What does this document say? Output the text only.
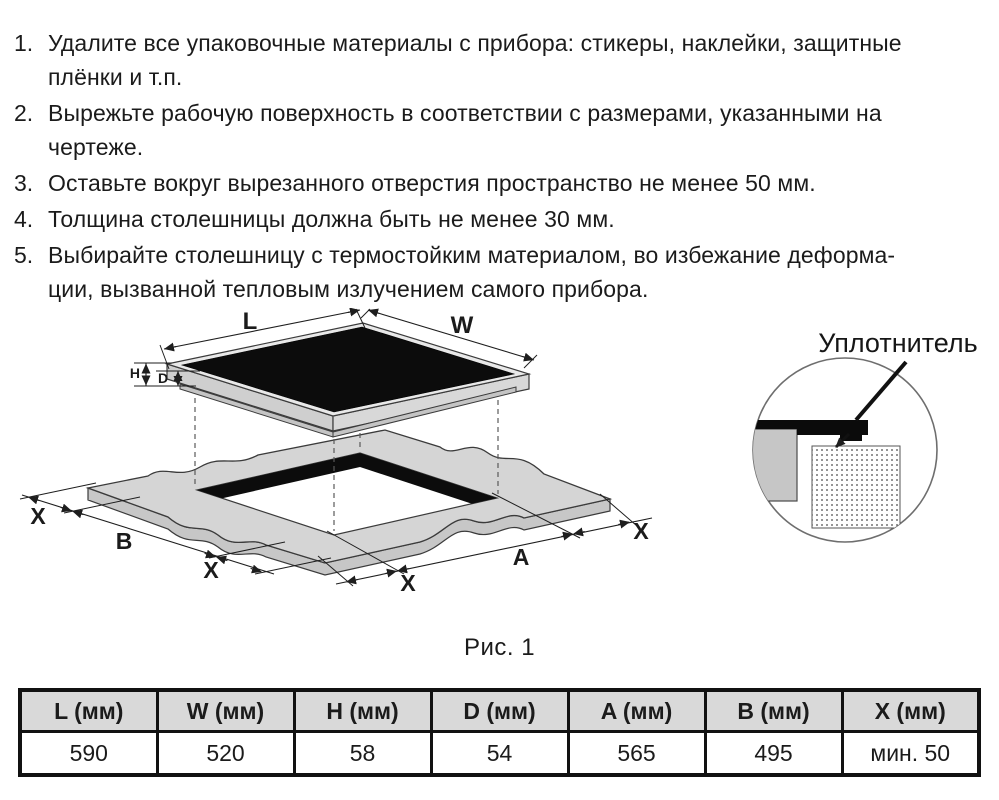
1. Удалите все упаковочные материалы с прибора: стикеры, наклейки, защитные
плёнки и т.п.
2. Вырежьте рабочую поверхность в соответствии с размерами, указанными на
чертеже.
3. Оставьте вокруг вырезанного отверстия пространство не менее 50 мм.
4. Толщина столешницы должна быть не менее 30 мм.
5. Выбирайте столешницу с термостойким материалом, во избежание деформа-
ции, вызванной тепловым излучением самого прибора.
L	W
H D
X
B
X	X
A
X
Уплотнитель
Рис. 1
L (мм)	W (мм)	H (мм)	D (мм)	A (мм)	B (мм)	X (мм)
590	520	58	54	565	495	мин. 50
